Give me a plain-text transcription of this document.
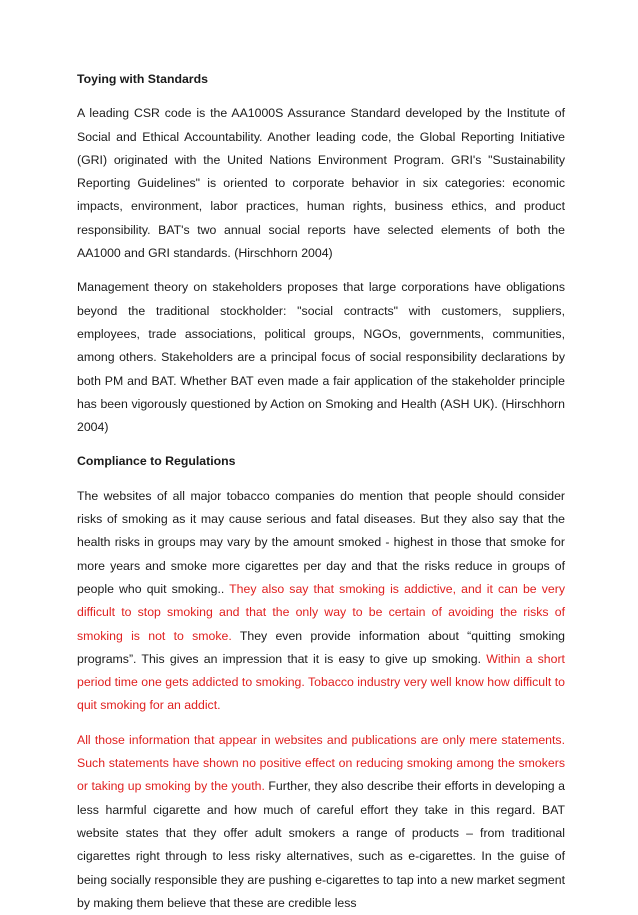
Toying with Standards

A leading CSR code is the AA1000S Assurance Standard developed by the Institute of Social and Ethical Accountability. Another leading code, the Global Reporting Initiative (GRI) originated with the United Nations Environment Program. GRI's "Sustainability Reporting Guidelines" is oriented to corporate behavior in six categories: economic impacts, environment, labor practices, human rights, business ethics, and product responsibility. BAT's two annual social reports have selected elements of both the AA1000 and GRI standards. (Hirschhorn 2004)

Management theory on stakeholders proposes that large corporations have obligations beyond the traditional stockholder: "social contracts" with customers, suppliers, employees, trade associations, political groups, NGOs, governments, communities, among others. Stakeholders are a principal focus of social responsibility declarations by both PM and BAT. Whether BAT even made a fair application of the stakeholder principle has been vigorously questioned by Action on Smoking and Health (ASH UK). (Hirschhorn 2004)

Compliance to Regulations

The websites of all major tobacco companies do mention that people should consider risks of smoking as it may cause serious and fatal diseases. But they also say that the health risks in groups may vary by the amount smoked - highest in those that smoke for more years and smoke more cigarettes per day and that the risks reduce in groups of people who quit smoking.. They also say that smoking is addictive, and it can be very difficult to stop smoking and that the only way to be certain of avoiding the risks of smoking is not to smoke. They even provide information about “quitting smoking programs”. This gives an impression that it is easy to give up smoking. Within a short period time one gets addicted to smoking. Tobacco industry very well know how difficult to quit smoking for an addict.

All those information that appear in websites and publications are only mere statements. Such statements have shown no positive effect on reducing smoking among the smokers or taking up smoking by the youth. Further, they also describe their efforts in developing a less harmful cigarette and how much of careful effort they take in this regard. BAT website states that they offer adult smokers a range of products – from traditional cigarettes right through to less risky alternatives, such as e-cigarettes. In the guise of being socially responsible they are pushing e-cigarettes to tap into a new market segment by making them believe that these are credible less
